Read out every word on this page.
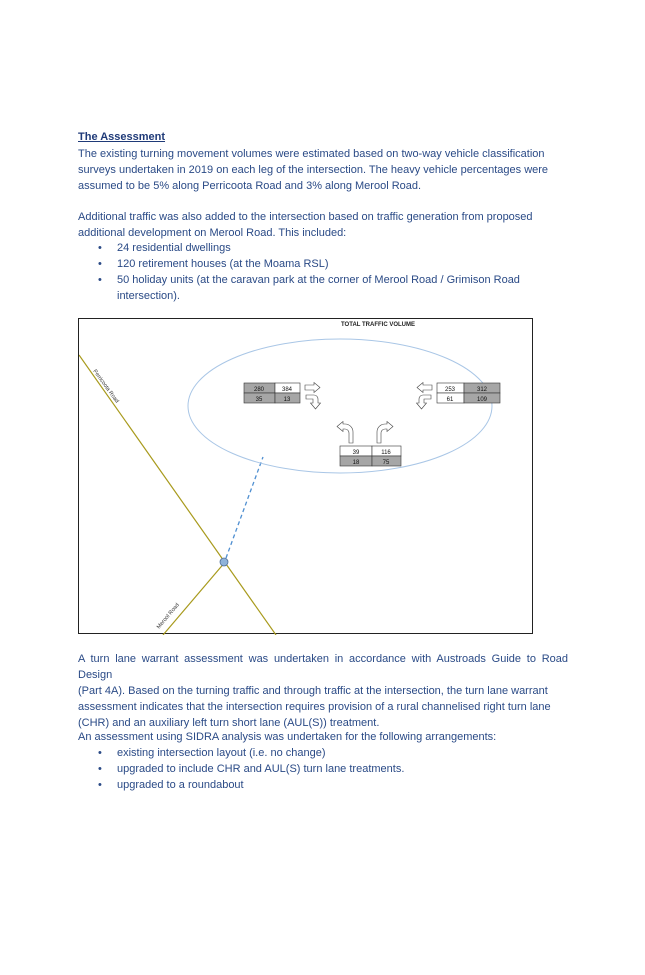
The Assessment
The existing turning movement volumes were estimated based on two-way vehicle classification
surveys undertaken in 2019 on each leg of the intersection. The heavy vehicle percentages were
assumed to be 5% along Perricoota Road and 3% along Merool Road.
Additional traffic was also added to the intersection based on traffic generation from proposed
additional development on Merool Road. This included:
• 24 residential dwellings
• 120 retirement houses (at the Moama RSL)
• 50 holiday units (at the caravan park at the corner of Merool Road / Grimison Road
intersection).
TOTAL TRAFFIC VOLUME
Perricoota Road
Merool Road
280	384
35	13
253	312
61	109
39	116
18	75
A turn lane warrant assessment was undertaken in accordance with Austroads Guide to Road Design
(Part 4A). Based on the turning traffic and through traffic at the intersection, the turn lane warrant
assessment indicates that the intersection requires provision of a rural channelised right turn lane
(CHR) and an auxiliary left turn short lane (AUL(S)) treatment.
An assessment using SIDRA analysis was undertaken for the following arrangements:
• existing intersection layout (i.e. no change)
• upgraded to include CHR and AUL(S) turn lane treatments.
• upgraded to a roundabout
